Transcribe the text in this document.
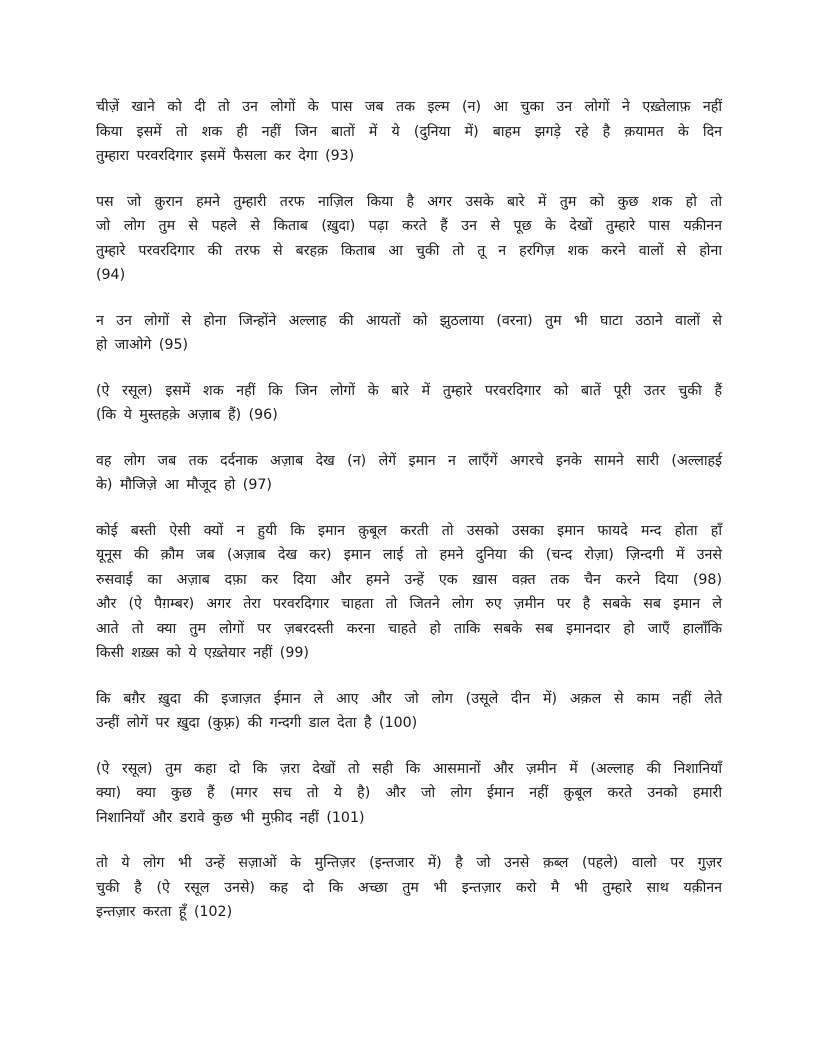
चीज़ें खाने को दी तो उन लोगों के पास जब तक इल्म (न) आ चुका उन लोगों ने एख़्तेलाफ़ नहीं
किया इसमें तो शक ही नहीं जिन बातों में ये (दुनिया में) बाहम झगड़े रहे है क़यामत के दिन
तुम्हारा परवरदिगार इसमें फैसला कर देगा (93)

पस जो क़ुरान हमने तुम्हारी तरफ नाज़िल किया है अगर उसके बारे में तुम को कुछ शक हो तो
जो लोग तुम से पहले से किताब (ख़ुदा) पढ़ा करते हैं उन से पूछ के देखों तुम्हारे पास यक़ीनन
तुम्हारे परवरदिगार की तरफ से बरहक़ किताब आ चुकी तो तू न हरगिज़ शक करने वालों से होना
(94)

न उन लोगों से होना जिन्होंने अल्लाह की आयतों को झुठलाया (वरना) तुम भी घाटा उठाने वालों से
हो जाओगे (95)

(ऐ रसूल) इसमें शक नहीं कि जिन लोगों के बारे में तुम्हारे परवरदिगार को बातें पूरी उतर चुकी हैं
(कि ये मुस्तहक़े अज़ाब हैं) (96)

वह लोग जब तक दर्दनाक अज़ाब देख (न) लेगें इमान न लाएँगें अगरचे इनके सामने सारी (अल्लाहई
के) मौजिज़े आ मौजूद हो (97)

कोई बस्ती ऐसी क्यों न हुयी कि इमान क़ुबूल करती तो उसको उसका इमान फायदे मन्द होता हाँ
यूनूस की क़ौम जब (अज़ाब देख कर) इमान लाई तो हमने दुनिया की (चन्द रोज़ा) ज़िन्दगी में उनसे
रुसवाई का अज़ाब दफ़ा कर दिया और हमने उन्हें एक ख़ास वक़्त तक चैन करने दिया (98)
और (ऐ पैग़म्बर) अगर तेरा परवरदिगार चाहता तो जितने लोग रुए ज़मीन पर है सबके सब इमान ले
आते तो क्या तुम लोगों पर ज़बरदस्ती करना चाहते हो ताकि सबके सब इमानदार हो जाएँ हालाँकि
किसी शख़्स को ये एख़्तेयार नहीं (99)

कि बग़ैर ख़ुदा की इजाज़त ईमान ले आए और जो लोग (उसूले दीन में) अक़ल से काम नहीं लेते
उन्हीं लोगें पर ख़ुदा (कुफ़्र) की गन्दगी डाल देता है (100)

(ऐ रसूल) तुम कहा दो कि ज़रा देखों तो सही कि आसमानों और ज़मीन में (अल्लाह की निशानियाँ
क्या) क्या कुछ हैं (मगर सच तो ये है) और जो लोग ईमान नहीं क़ुबूल करते उनको हमारी
निशानियाँ और डरावे कुछ भी मुफ़ीद नहीं (101)

तो ये लोग भी उन्हें सज़ाओं के मुन्तिज़र (इन्तजार में) है जो उनसे क़ब्ल (पहले) वालो पर गुज़र
चुकी है (ऐ रसूल उनसे) कह दो कि अच्छा तुम भी इन्तज़ार करो मै भी तुम्हारे साथ यक़ीनन
इन्तज़ार करता हूँ (102)
